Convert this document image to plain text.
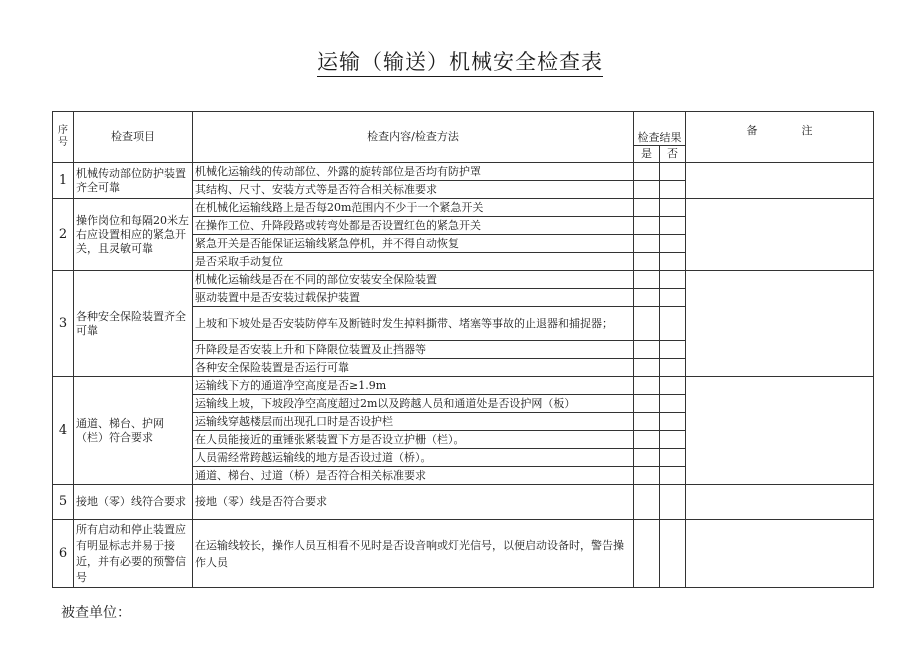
运输（输送）机械安全检查表
序号	检查项目	检查内容/检查方法	检查结果		备　　　　注
			是	否	
1	机械传动部位防护装置齐全可靠	机械化运输线的传动部位、外露的旋转部位是否均有防护罩			
		其结构、尺寸、安装方式等是否符合相关标准要求			
2	操作岗位和每隔20米左右应设置相应的紧急开关，且灵敏可靠	在机械化运输线路上是否每20m范围内不少于一个紧急开关			
		在操作工位、升降段路或转弯处都是否设置红色的紧急开关			
		紧急开关是否能保证运输线紧急停机，并不得自动恢复			
		是否采取手动复位			
3	各种安全保险装置齐全可靠	机械化运输线是否在不同的部位安装安全保险装置			
		驱动装置中是否安装过载保护装置			
		上坡和下坡处是否安装防停车及断链时发生掉料撕带、堵塞等事故的止退器和捕捉器；			
		升降段是否安装上升和下降限位装置及止挡器等			
		各种安全保险装置是否运行可靠			
4	通道、梯台、护网（栏）符合要求	运输线下方的通道净空高度是否≥1.9m			
		运输线上坡，下坡段净空高度超过2m以及跨越人员和通道处是否设护网（板）			
		运输线穿越楼层而出现孔口时是否设护栏			
		在人员能接近的重锤张紧装置下方是否设立护栅（栏）。			
		人员需经常跨越运输线的地方是否设过道（桥）。			
		通道、梯台、过道（桥）是否符合相关标准要求			
5	接地（零）线符合要求	接地（零）线是否符合要求			
6	所有启动和停止装置应有明显标志并易于接近，并有必要的预警信号	在运输线较长，操作人员互相看不见时是否设音响或灯光信号，以便启动设备时，警告操作人员			
被查单位：
